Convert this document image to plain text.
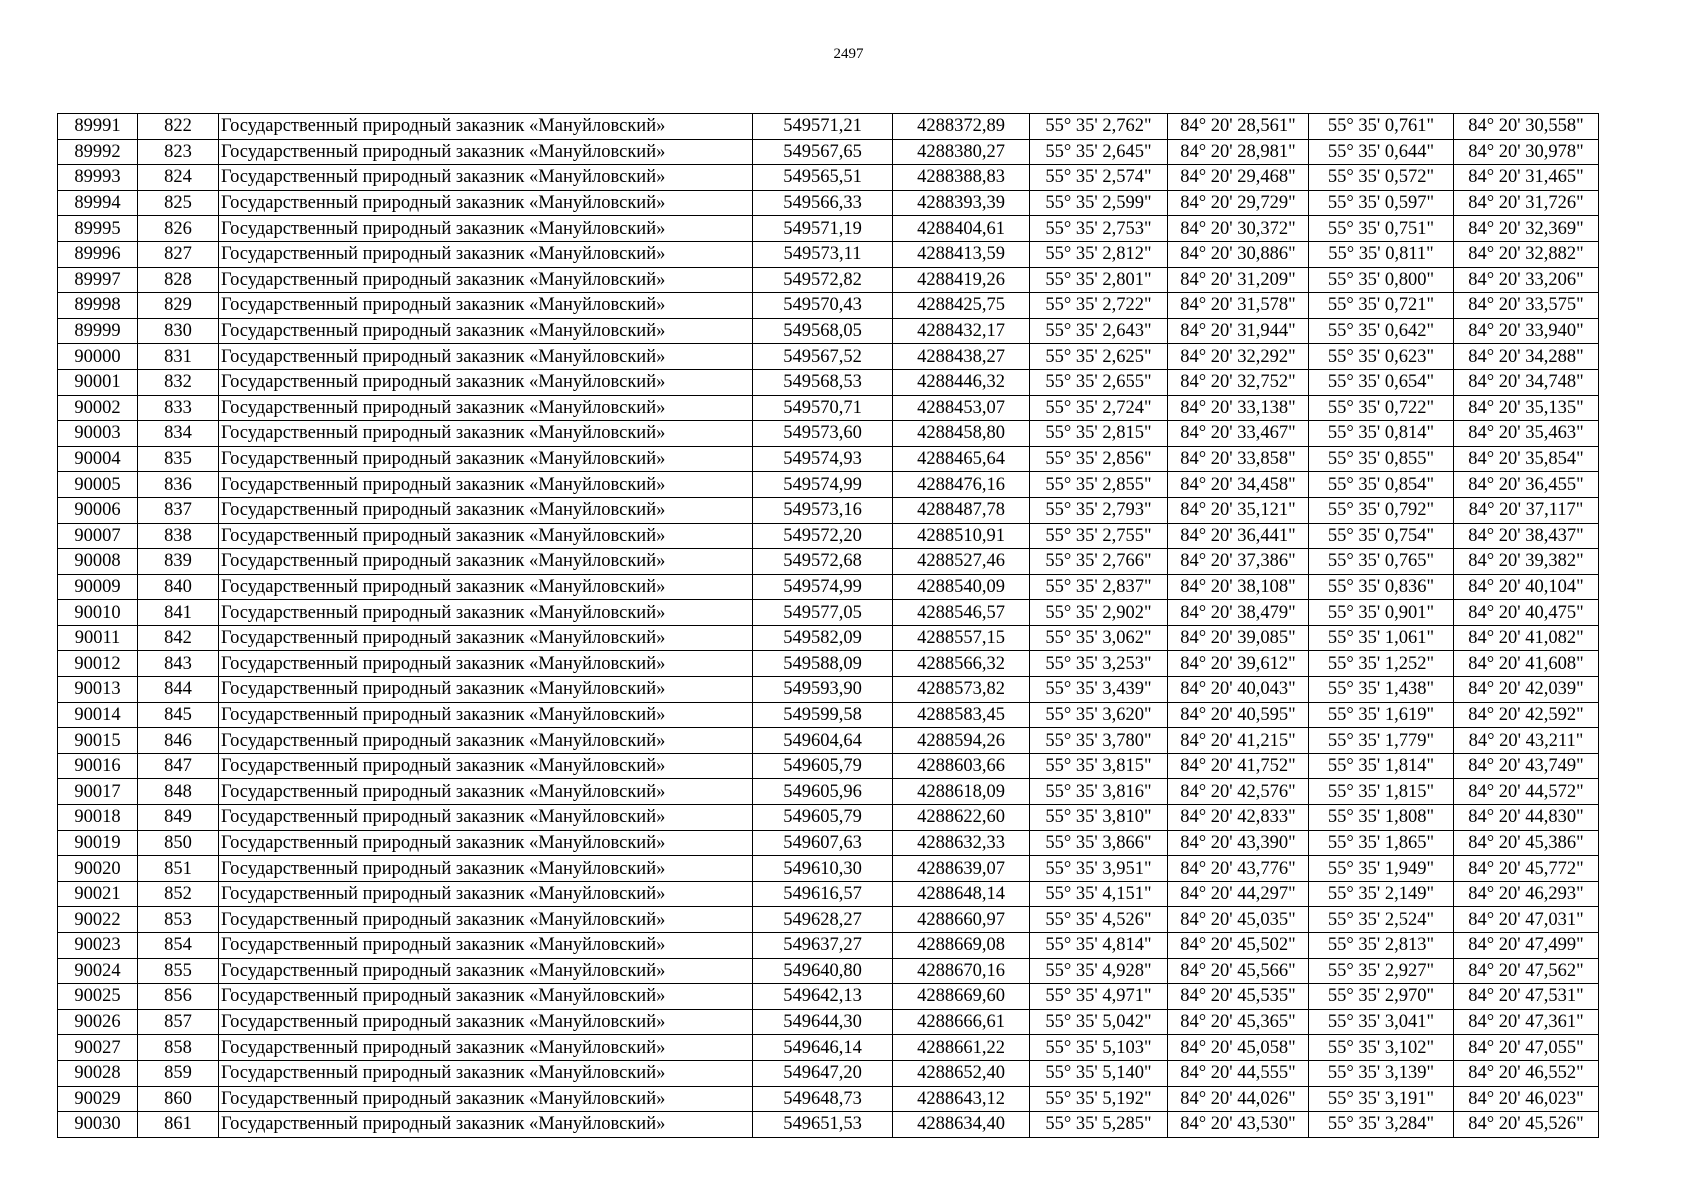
2497
89991	822	Государственный природный заказник «Мануйловский»	549571,21	4288372,89	55° 35' 2,762"	84° 20' 28,561"	55° 35' 0,761"	84° 20' 30,558"
89992	823	Государственный природный заказник «Мануйловский»	549567,65	4288380,27	55° 35' 2,645"	84° 20' 28,981"	55° 35' 0,644"	84° 20' 30,978"
89993	824	Государственный природный заказник «Мануйловский»	549565,51	4288388,83	55° 35' 2,574"	84° 20' 29,468"	55° 35' 0,572"	84° 20' 31,465"
89994	825	Государственный природный заказник «Мануйловский»	549566,33	4288393,39	55° 35' 2,599"	84° 20' 29,729"	55° 35' 0,597"	84° 20' 31,726"
89995	826	Государственный природный заказник «Мануйловский»	549571,19	4288404,61	55° 35' 2,753"	84° 20' 30,372"	55° 35' 0,751"	84° 20' 32,369"
89996	827	Государственный природный заказник «Мануйловский»	549573,11	4288413,59	55° 35' 2,812"	84° 20' 30,886"	55° 35' 0,811"	84° 20' 32,882"
89997	828	Государственный природный заказник «Мануйловский»	549572,82	4288419,26	55° 35' 2,801"	84° 20' 31,209"	55° 35' 0,800"	84° 20' 33,206"
89998	829	Государственный природный заказник «Мануйловский»	549570,43	4288425,75	55° 35' 2,722"	84° 20' 31,578"	55° 35' 0,721"	84° 20' 33,575"
89999	830	Государственный природный заказник «Мануйловский»	549568,05	4288432,17	55° 35' 2,643"	84° 20' 31,944"	55° 35' 0,642"	84° 20' 33,940"
90000	831	Государственный природный заказник «Мануйловский»	549567,52	4288438,27	55° 35' 2,625"	84° 20' 32,292"	55° 35' 0,623"	84° 20' 34,288"
90001	832	Государственный природный заказник «Мануйловский»	549568,53	4288446,32	55° 35' 2,655"	84° 20' 32,752"	55° 35' 0,654"	84° 20' 34,748"
90002	833	Государственный природный заказник «Мануйловский»	549570,71	4288453,07	55° 35' 2,724"	84° 20' 33,138"	55° 35' 0,722"	84° 20' 35,135"
90003	834	Государственный природный заказник «Мануйловский»	549573,60	4288458,80	55° 35' 2,815"	84° 20' 33,467"	55° 35' 0,814"	84° 20' 35,463"
90004	835	Государственный природный заказник «Мануйловский»	549574,93	4288465,64	55° 35' 2,856"	84° 20' 33,858"	55° 35' 0,855"	84° 20' 35,854"
90005	836	Государственный природный заказник «Мануйловский»	549574,99	4288476,16	55° 35' 2,855"	84° 20' 34,458"	55° 35' 0,854"	84° 20' 36,455"
90006	837	Государственный природный заказник «Мануйловский»	549573,16	4288487,78	55° 35' 2,793"	84° 20' 35,121"	55° 35' 0,792"	84° 20' 37,117"
90007	838	Государственный природный заказник «Мануйловский»	549572,20	4288510,91	55° 35' 2,755"	84° 20' 36,441"	55° 35' 0,754"	84° 20' 38,437"
90008	839	Государственный природный заказник «Мануйловский»	549572,68	4288527,46	55° 35' 2,766"	84° 20' 37,386"	55° 35' 0,765"	84° 20' 39,382"
90009	840	Государственный природный заказник «Мануйловский»	549574,99	4288540,09	55° 35' 2,837"	84° 20' 38,108"	55° 35' 0,836"	84° 20' 40,104"
90010	841	Государственный природный заказник «Мануйловский»	549577,05	4288546,57	55° 35' 2,902"	84° 20' 38,479"	55° 35' 0,901"	84° 20' 40,475"
90011	842	Государственный природный заказник «Мануйловский»	549582,09	4288557,15	55° 35' 3,062"	84° 20' 39,085"	55° 35' 1,061"	84° 20' 41,082"
90012	843	Государственный природный заказник «Мануйловский»	549588,09	4288566,32	55° 35' 3,253"	84° 20' 39,612"	55° 35' 1,252"	84° 20' 41,608"
90013	844	Государственный природный заказник «Мануйловский»	549593,90	4288573,82	55° 35' 3,439"	84° 20' 40,043"	55° 35' 1,438"	84° 20' 42,039"
90014	845	Государственный природный заказник «Мануйловский»	549599,58	4288583,45	55° 35' 3,620"	84° 20' 40,595"	55° 35' 1,619"	84° 20' 42,592"
90015	846	Государственный природный заказник «Мануйловский»	549604,64	4288594,26	55° 35' 3,780"	84° 20' 41,215"	55° 35' 1,779"	84° 20' 43,211"
90016	847	Государственный природный заказник «Мануйловский»	549605,79	4288603,66	55° 35' 3,815"	84° 20' 41,752"	55° 35' 1,814"	84° 20' 43,749"
90017	848	Государственный природный заказник «Мануйловский»	549605,96	4288618,09	55° 35' 3,816"	84° 20' 42,576"	55° 35' 1,815"	84° 20' 44,572"
90018	849	Государственный природный заказник «Мануйловский»	549605,79	4288622,60	55° 35' 3,810"	84° 20' 42,833"	55° 35' 1,808"	84° 20' 44,830"
90019	850	Государственный природный заказник «Мануйловский»	549607,63	4288632,33	55° 35' 3,866"	84° 20' 43,390"	55° 35' 1,865"	84° 20' 45,386"
90020	851	Государственный природный заказник «Мануйловский»	549610,30	4288639,07	55° 35' 3,951"	84° 20' 43,776"	55° 35' 1,949"	84° 20' 45,772"
90021	852	Государственный природный заказник «Мануйловский»	549616,57	4288648,14	55° 35' 4,151"	84° 20' 44,297"	55° 35' 2,149"	84° 20' 46,293"
90022	853	Государственный природный заказник «Мануйловский»	549628,27	4288660,97	55° 35' 4,526"	84° 20' 45,035"	55° 35' 2,524"	84° 20' 47,031"
90023	854	Государственный природный заказник «Мануйловский»	549637,27	4288669,08	55° 35' 4,814"	84° 20' 45,502"	55° 35' 2,813"	84° 20' 47,499"
90024	855	Государственный природный заказник «Мануйловский»	549640,80	4288670,16	55° 35' 4,928"	84° 20' 45,566"	55° 35' 2,927"	84° 20' 47,562"
90025	856	Государственный природный заказник «Мануйловский»	549642,13	4288669,60	55° 35' 4,971"	84° 20' 45,535"	55° 35' 2,970"	84° 20' 47,531"
90026	857	Государственный природный заказник «Мануйловский»	549644,30	4288666,61	55° 35' 5,042"	84° 20' 45,365"	55° 35' 3,041"	84° 20' 47,361"
90027	858	Государственный природный заказник «Мануйловский»	549646,14	4288661,22	55° 35' 5,103"	84° 20' 45,058"	55° 35' 3,102"	84° 20' 47,055"
90028	859	Государственный природный заказник «Мануйловский»	549647,20	4288652,40	55° 35' 5,140"	84° 20' 44,555"	55° 35' 3,139"	84° 20' 46,552"
90029	860	Государственный природный заказник «Мануйловский»	549648,73	4288643,12	55° 35' 5,192"	84° 20' 44,026"	55° 35' 3,191"	84° 20' 46,023"
90030	861	Государственный природный заказник «Мануйловский»	549651,53	4288634,40	55° 35' 5,285"	84° 20' 43,530"	55° 35' 3,284"	84° 20' 45,526"
